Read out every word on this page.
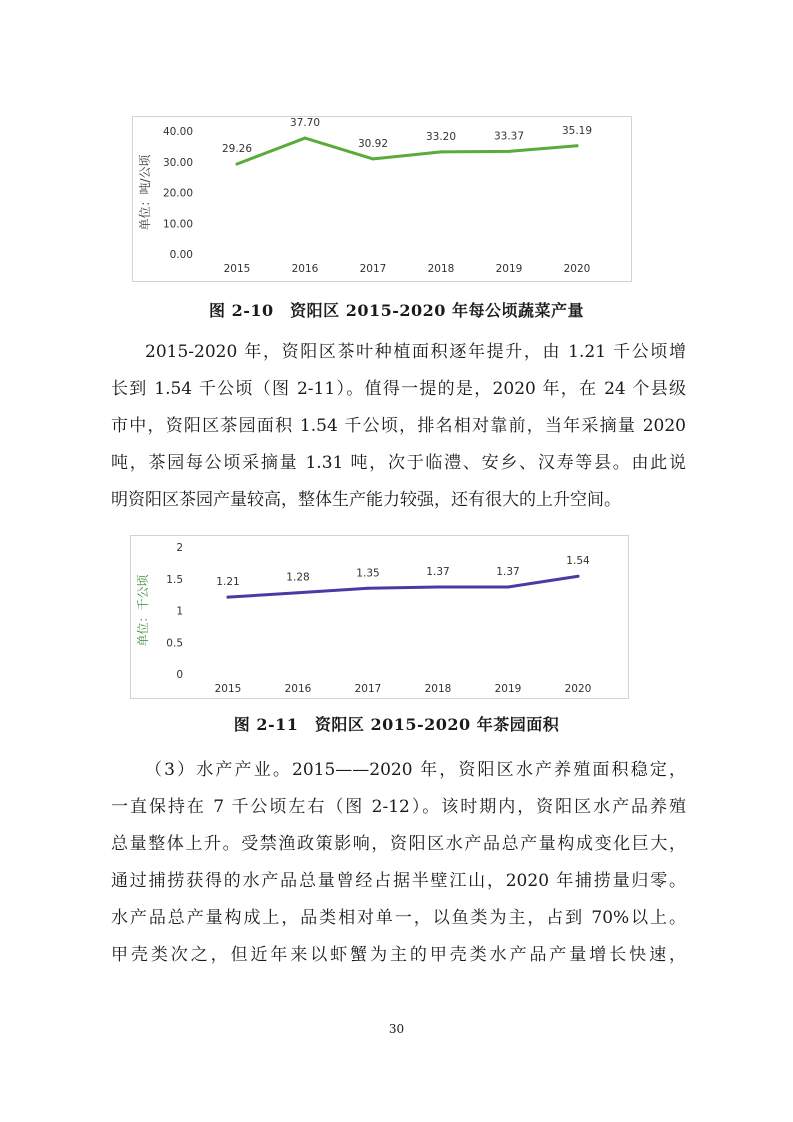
单位：吨/公顷
0.00
10.00
20.00
30.00
40.00
2015	2016	2017	2018	2019	2020
29.26
37.70
30.92
33.20	33.37	35.19
图 2-10　资阳区 2015-2020 年每公顷蔬菜产量
2015-2020 年，资阳区茶叶种植面积逐年提升，由 1.21 千公顷增
长到 1.54 千公顷（图 2-11）。值得一提的是，2020 年，在 24 个县级
市中，资阳区茶园面积 1.54 千公顷，排名相对靠前，当年采摘量 2020
吨，茶园每公顷采摘量 1.31 吨，次于临澧、安乡、汉寿等县。由此说
明资阳区茶园产量较高，整体生产能力较强，还有很大的上升空间。
单位：千公顷
0
0.5
1
1.5
2
2015	2016	2017	2018	2019	2020
1.21	1.28	1.35	1.37	1.37
1.54
图 2-11　资阳区 2015-2020 年茶园面积
（3）水产产业。2015——2020 年，资阳区水产养殖面积稳定，
一直保持在 7 千公顷左右（图 2-12）。该时期内，资阳区水产品养殖
总量整体上升。受禁渔政策影响，资阳区水产品总产量构成变化巨大，
通过捕捞获得的水产品总量曾经占据半壁江山，2020 年捕捞量归零。
水产品总产量构成上，品类相对单一，以鱼类为主，占到 70%以上。
甲壳类次之，但近年来以虾蟹为主的甲壳类水产品产量增长快速，
30
